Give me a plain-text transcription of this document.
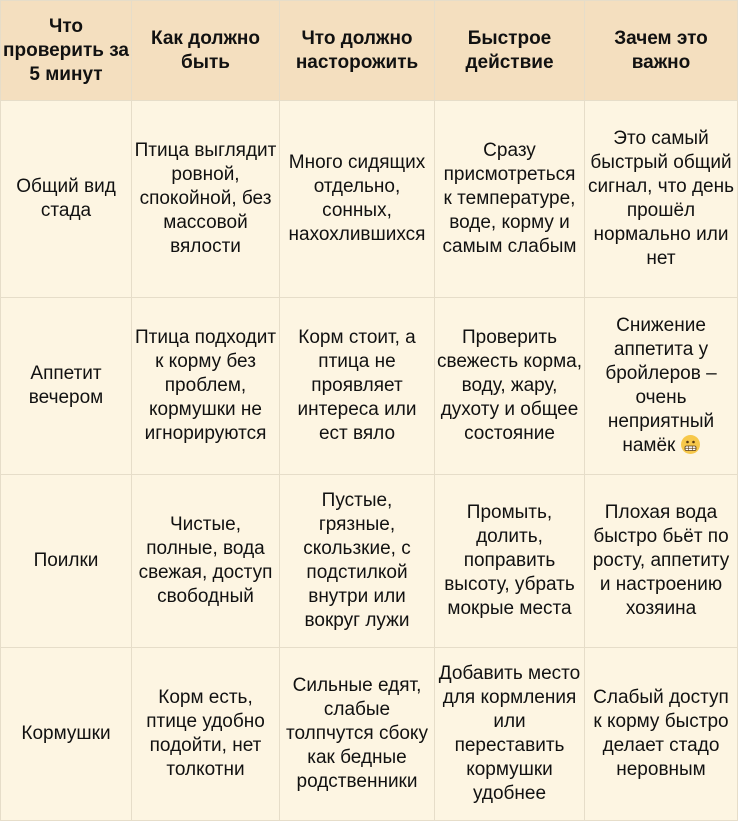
Что проверить за 5 минут	Как должно быть	Что должно насторожить	Быстрое действие	Зачем это важно
Общий вид стада	Птица выглядит ровной, спокойной, без массовой вялости	Много сидящих отдельно, сонных, нахохлившихся	Сразу присмотреться к температуре, воде, корму и самым слабым	Это самый быстрый общий сигнал, что день прошёл нормально или нет
Аппетит вечером	Птица подходит к корму без проблем, кормушки не игнорируются	Корм стоит, а птица не проявляет интереса или ест вяло	Проверить свежесть корма, воду, жару, духоту и общее состояние	Снижение аппетита у бройлеров – очень неприятный намёк

Поилки	Чистые, полные, вода свежая, доступ свободный	Пустые, грязные, скользкие, с подстилкой внутри или вокруг лужи	Промыть, долить, поправить высоту, убрать мокрые места	Плохая вода быстро бьёт по росту, аппетиту и настроению хозяина
Кормушки	Корм есть, птице удобно подойти, нет толкотни	Сильные едят, слабые толпчутся сбоку как бедные родственники	Добавить место для кормления или переставить кормушки удобнее	Слабый доступ к корму быстро делает стадо неровным
